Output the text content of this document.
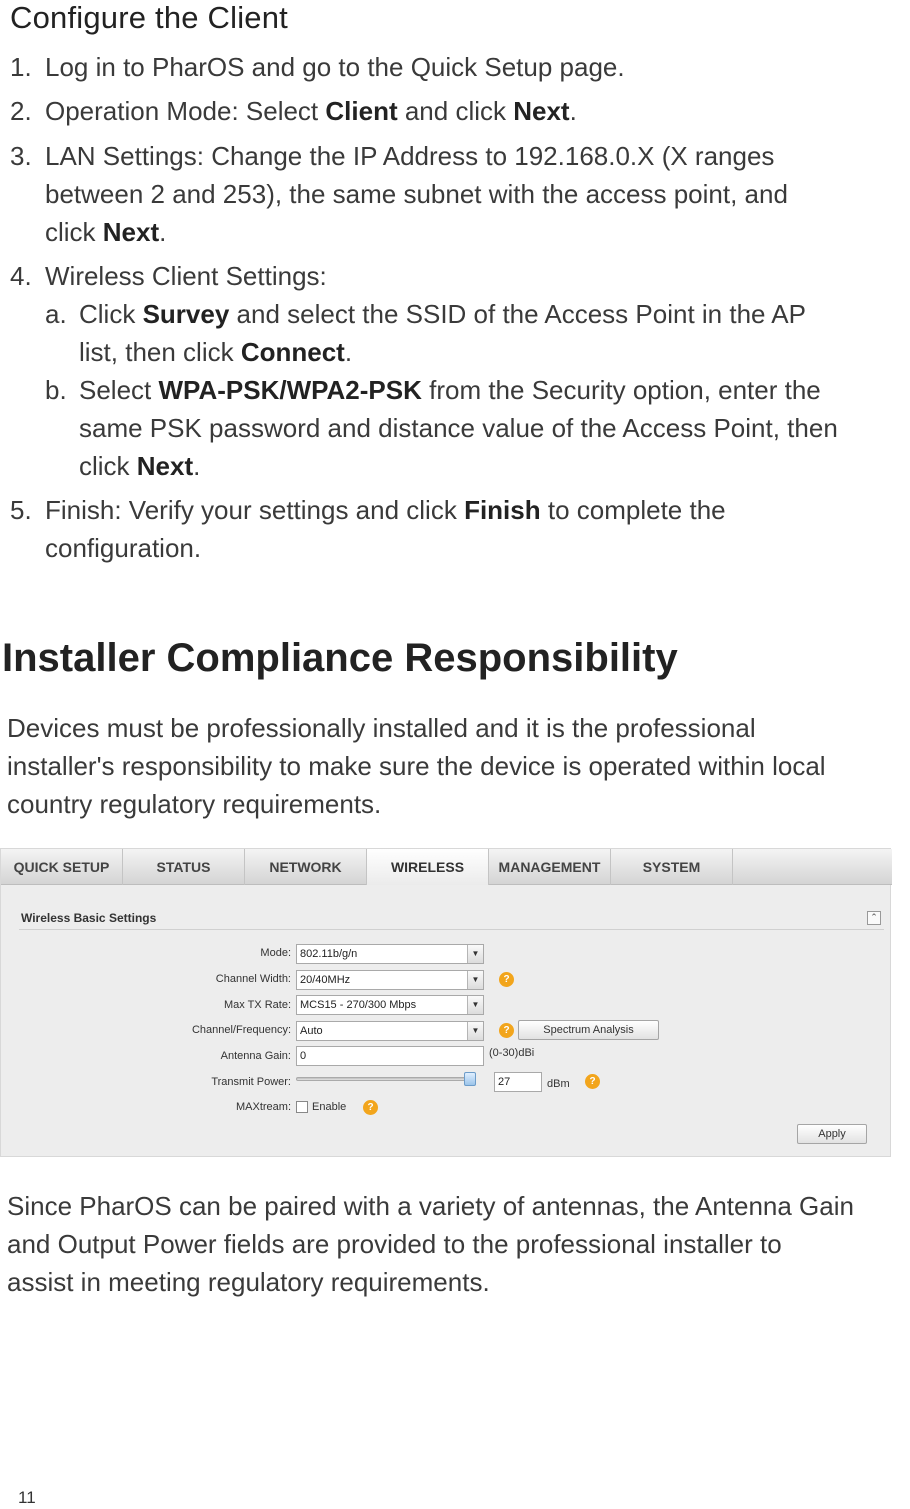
Configure the Client
1. Log in to PharOS and go to the Quick Setup page.
2. Operation Mode: Select Client and click Next.
3. LAN Settings: Change the IP Address to 192.168.0.X (X ranges
between 2 and 253), the same subnet with the access point, and
click Next.
4. Wireless Client Settings:
a. Click Survey and select the SSID of the Access Point in the AP
list, then click Connect.
b. Select WPA-PSK/WPA2-PSK from the Security option, enter the
same PSK password and distance value of the Access Point, then
click Next.
5. Finish: Verify your settings and click Finish to complete the
configuration.
Installer Compliance Responsibility
Devices must be professionally installed and it is the professional
installer's responsibility to make sure the device is operated within local
country regulatory requirements.
QUICK SETUP	STATUS	NETWORK	WIRELESS	MANAGEMENT	SYSTEM
Wireless Basic Settings	⌃
Mode: 802.11b/g/n	▼
Channel Width: 20/40MHz	▼	?
Max TX Rate: MCS15 - 270/300 Mbps	▼
Channel/Frequency: Auto	▼	?	Spectrum Analysis
Antenna Gain: 0	(0-30)dBi
Transmit Power:	27	dBm	?
MAXtream: Enable	?
Apply
Since PharOS can be paired with a variety of antennas, the Antenna Gain
and Output Power fields are provided to the professional installer to
assist in meeting regulatory requirements.
11
